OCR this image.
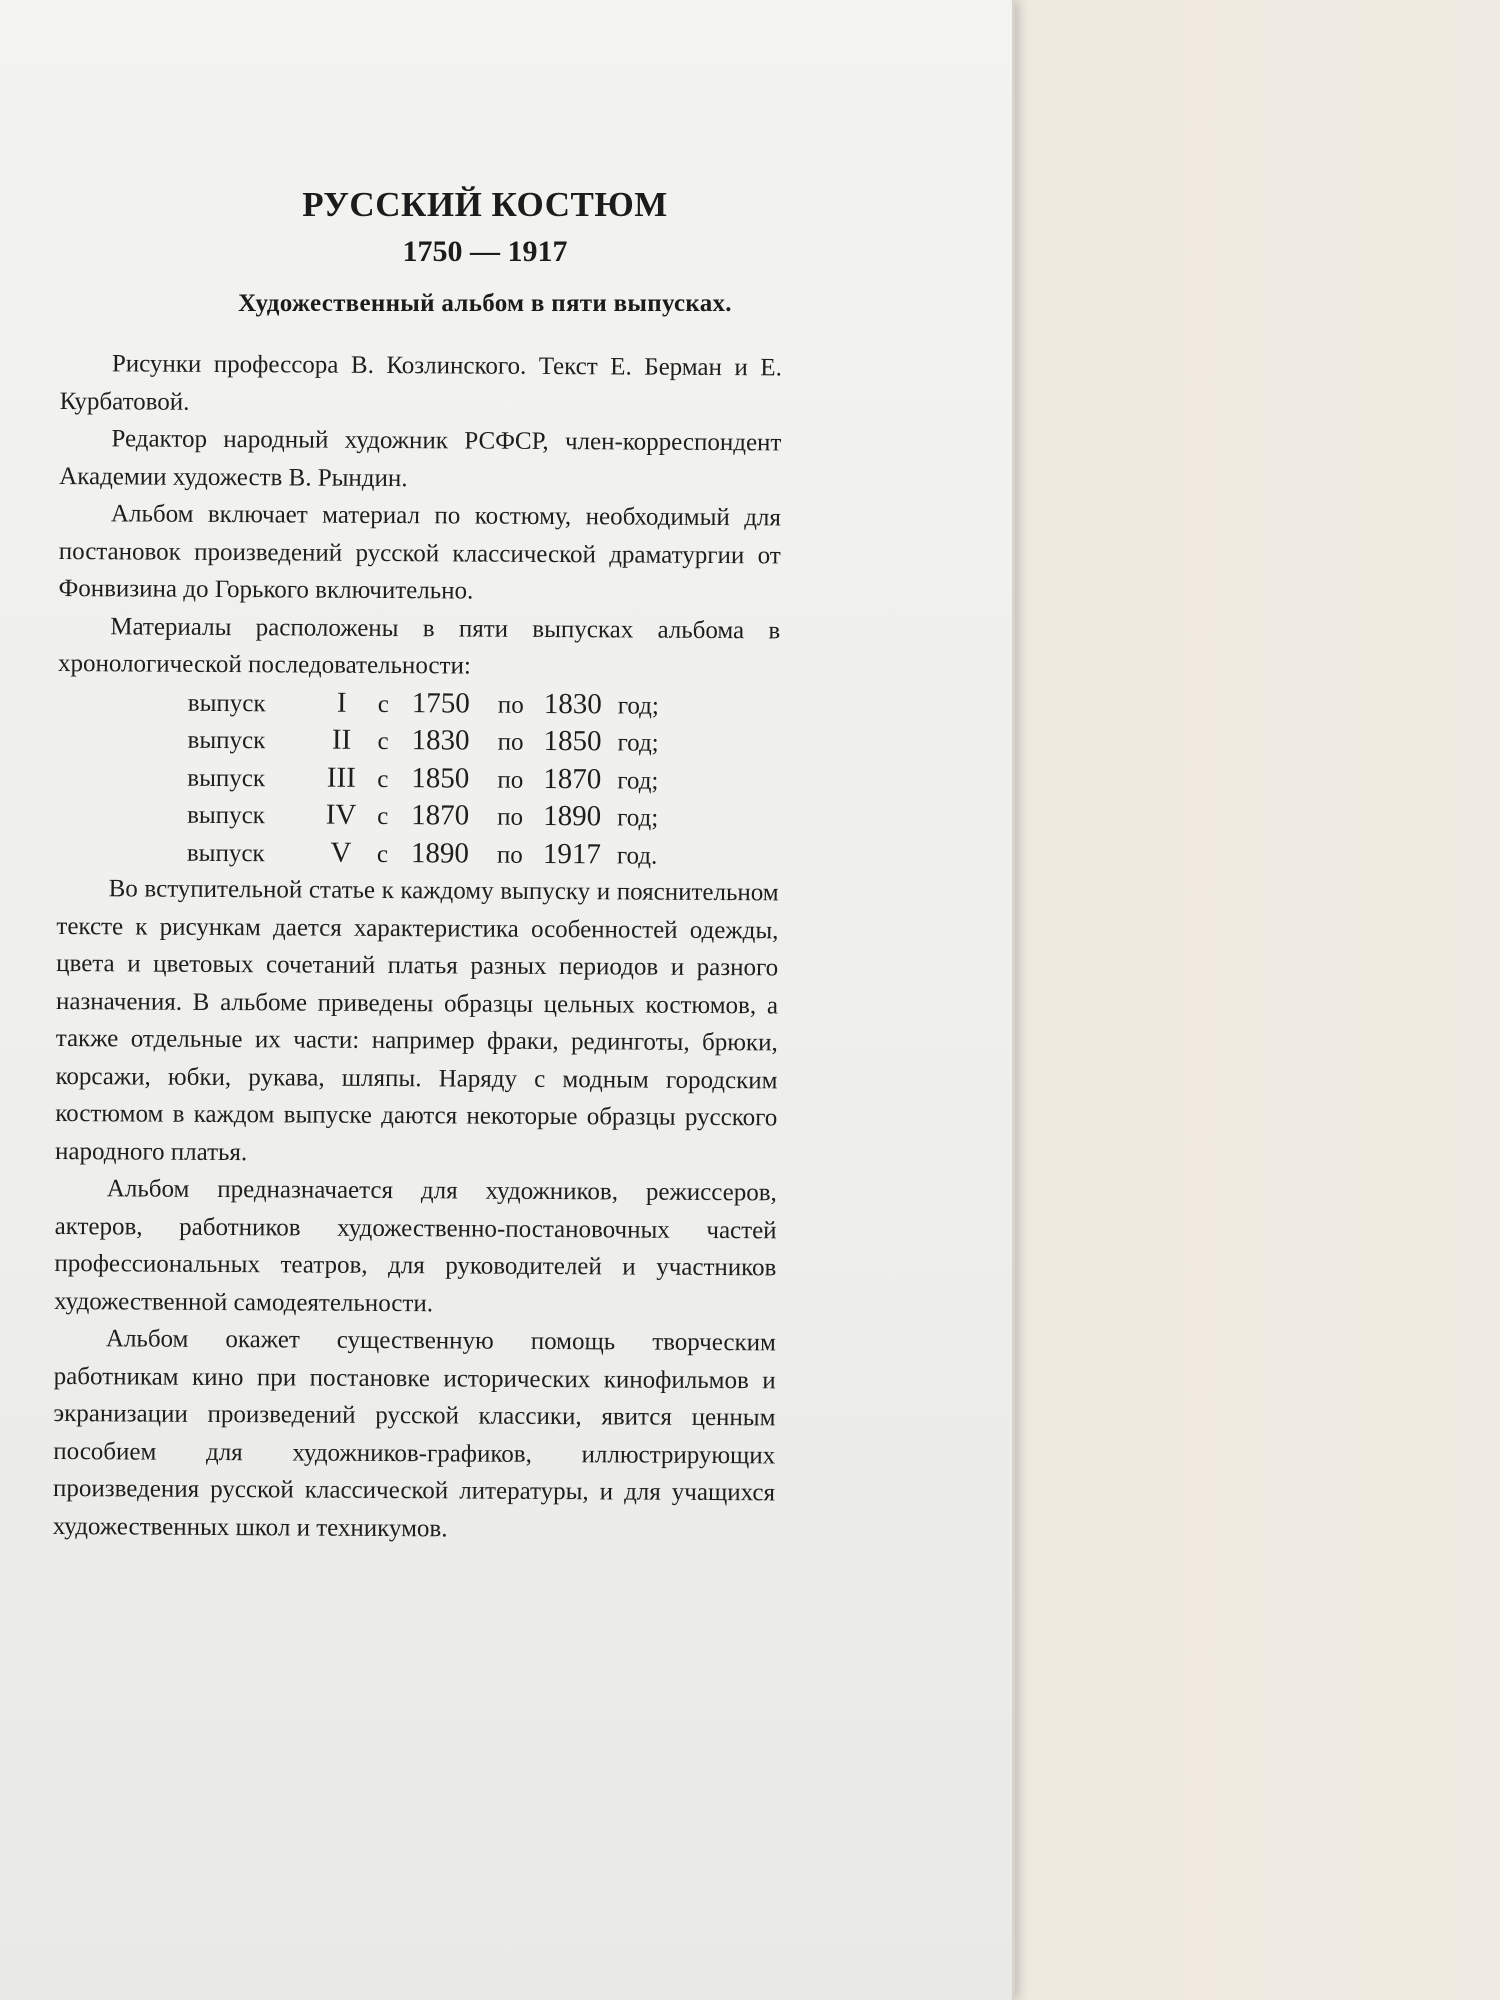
РУССКИЙ КОСТЮМ
1750 — 1917
Художественный альбом в пяти выпусках.

Рисунки профессора В. Козлинского. Текст Е. Берман и Е. Курбатовой.

Редактор народный художник РСФСР, член-корреспондент Академии художеств В. Рындин.

Альбом включает материал по костюму, необходимый для постановок произведений русской классической драматургии от Фонвизина до Горького включительно.

Материалы расположены в пяти выпусках альбома в хронологической последовательности:

выпуск	I	с 1750	по 1830 год;
выпуск	II	с 1830	по 1850 год;
выпуск	III с 1850	по 1870 год;
выпуск	IV с 1870	по 1890 год;
выпуск	V	с 1890	по 1917 год.

Во вступительной статье к каждому выпуску и пояснительном тексте к рисункам дается характеристика особенностей одежды, цвета и цветовых сочетаний платья разных периодов и разного назначения. В альбоме приведены образцы цельных костюмов, а также отдельные их части: например фраки, рединготы, брюки, корсажи, юбки, рукава, шляпы. Наряду с модным городским костюмом в каждом выпуске даются некоторые образцы русского народного платья.

Альбом предназначается для художников, режиссеров, актеров, работников художественно-постановочных частей профессиональных театров, для руководителей и участников художественной самодеятельности.

Альбом окажет существенную помощь творческим работникам кино при постановке исторических кинофильмов и экранизации произведений русской классики, явится ценным пособием для художников-графиков, иллюстрирующих произведения русской классической литературы, и для учащихся художественных школ и техникумов.
